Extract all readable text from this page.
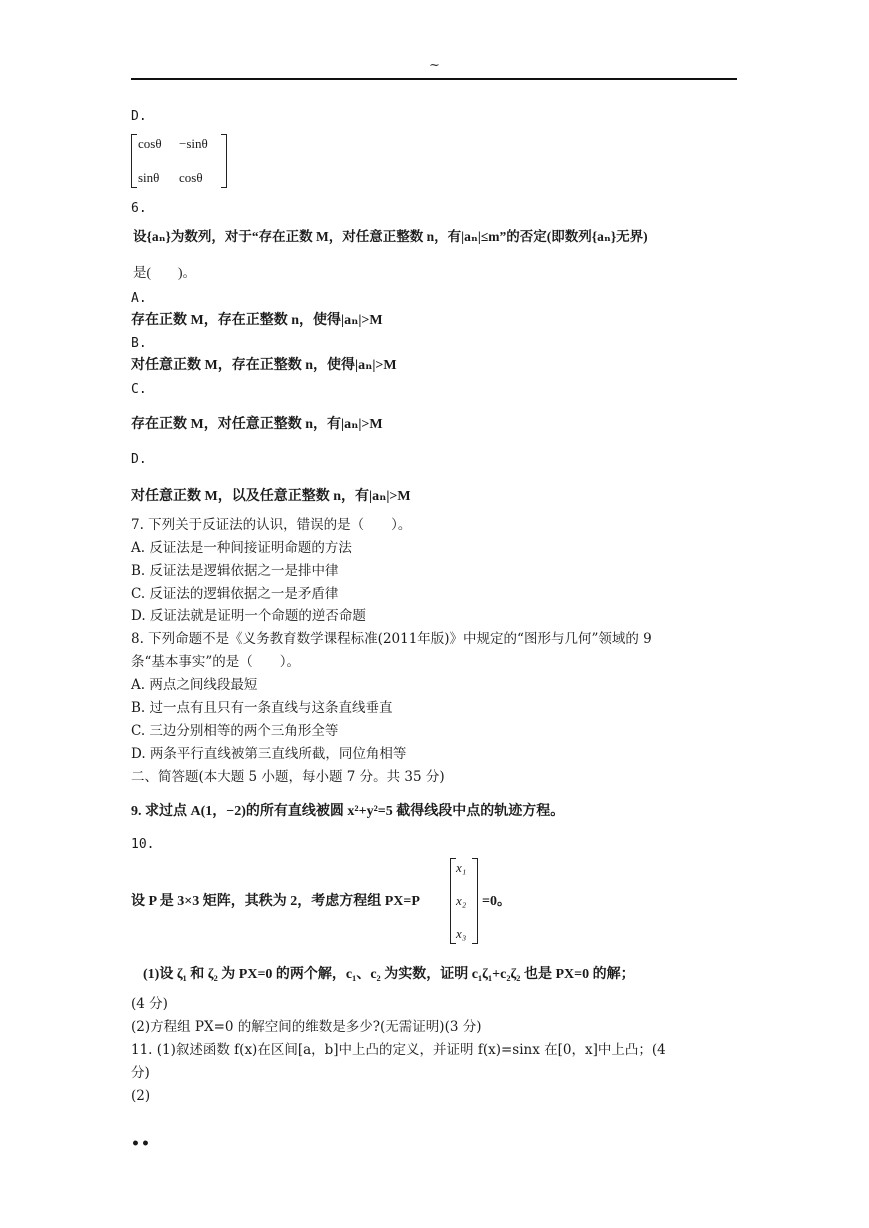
~
D.
cosθ −sinθ
sinθ cosθ
6.
设{aₙ}为数列，对于“存在正数 M，对任意正整数 n，有|aₙ|≤m”的否定(即数列{aₙ}无界)
是(　　)。
A.
存在正数 M，存在正整数 n，使得|aₙ|>M
B.
对任意正数 M，存在正整数 n，使得|aₙ|>M
C.
存在正数 M，对任意正整数 n，有|aₙ|>M
D.
对任意正数 M，以及任意正整数 n，有|aₙ|>M
7. 下列关于反证法的认识，错误的是（　　）。
A. 反证法是一种间接证明命题的方法
B. 反证法是逻辑依据之一是排中律
C. 反证法的逻辑依据之一是矛盾律
D. 反证法就是证明一个命题的逆否命题
8. 下列命题不是《义务教育数学课程标准(2011年版)》中规定的“图形与几何”领域的 9
条“基本事实”的是（　　）。
A. 两点之间线段最短
B. 过一点有且只有一条直线与这条直线垂直
C. 三边分别相等的两个三角形全等
D. 两条平行直线被第三直线所截，同位角相等
二、简答题(本大题 5 小题，每小题 7 分。共 35 分)
9. 求过点 A(1，−2)的所有直线被圆 x²+y²=5 截得线段中点的轨迹方程。
10.
设 P 是 3×3 矩阵，其秩为 2，考虑方程组 PX=P
x₁
x₂
x₃
=0。
(1)设 ζ₁ 和 ζ₂ 为 PX=0 的两个解，c₁、c₂ 为实数，证明 c₁ζ₁+c₂ζ₂ 也是 PX=0 的解；
(4 分)
(2)方程组 PX=0 的解空间的维数是多少?(无需证明)(3 分)
11. (1)叙述函数 f(x)在区间[a，b]中上凸的定义，并证明 f(x)=sinx 在[0，x]中上凸；(4
分)
(2)
••
